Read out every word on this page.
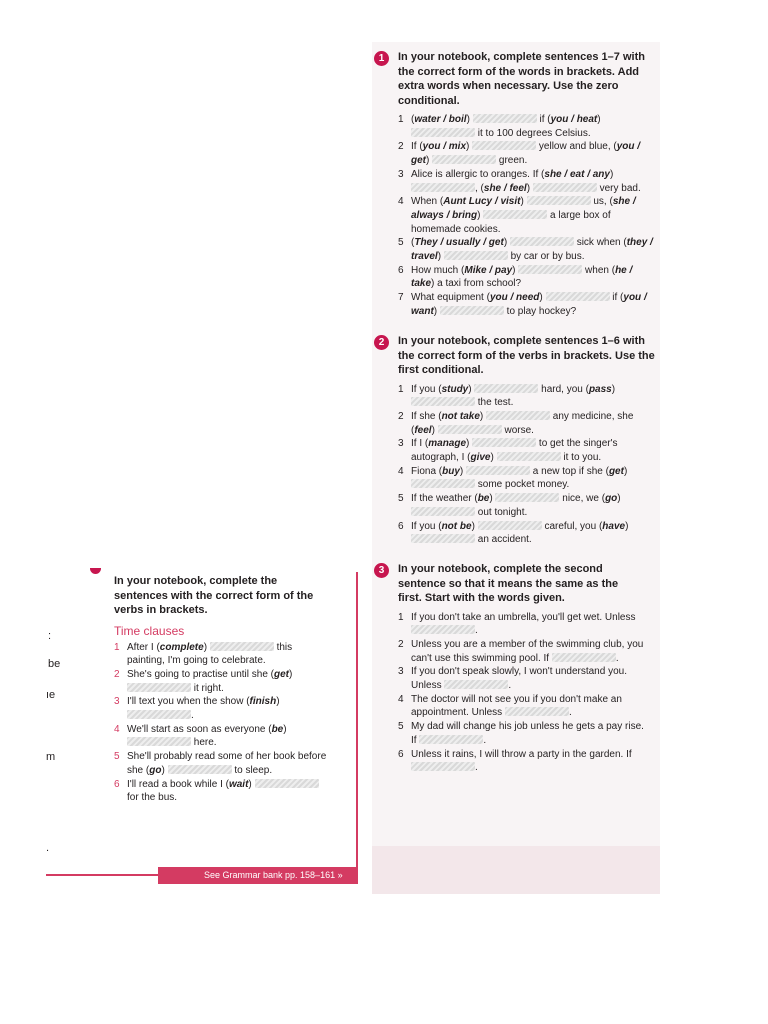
1	In your notebook, complete sentences 1–7 with the correct form of the words in brackets. Add extra words when necessary. Use the zero conditional.
1 (water / boil)	if (you / heat)  it to 100 degrees Celsius.
2 If (you / mix)	yellow and blue, (you / get)	green.
3 Alice is allergic to oranges. If (she / eat / any) , (she / feel)	very bad.
4 When (Aunt Lucy / visit)	us, (she / always / bring)	a large box of homemade cookies.
5 (They / usually / get)	sick when (they / travel)	by car or by bus.
6 How much (Mike / pay)	when (he / take) a taxi from school?
7 What equipment (you / need)	if (you / want)	to play hockey?
2	In your notebook, complete sentences 1–6 with the correct form of the verbs in brackets. Use the first conditional.
1 If you (study)	hard, you (pass)  the test.
2 If she (not take)	any medicine, she (feel)	worse.
3 If I (manage)	to get the singer's autograph, I (give)	it to you.
4 Fiona (buy)	a new top if she (get)  some pocket money.
5 If the weather (be)	nice, we (go)  out tonight.
6 If you (not be)	careful, you (have)  an accident.
3	In your notebook, complete the second sentence so that it means the same as the first. Start with the words given.
1 If you don't take an umbrella, you'll get wet. Unless .
2 Unless you are a member of the swimming club, you can't use this swimming pool. If	.
3 If you don't speak slowly, I won't understand you. Unless	.
4 The doctor will not see you if you don't make an appointment. Unless	.
5 My dad will change his job unless he gets a pay rise. If	.
6 Unless it rains, I will throw a party in the garden. If .
In your notebook, complete the sentences with the correct form of the verbs in brackets.
Time clauses
1 After I (complete)	this painting, I'm going to celebrate.
2 She's going to practise until she (get)  it right.
3 I'll text you when the show (finish) .
4 We'll start as soon as everyone (be)  here.
5 She'll probably read some of her book before she (go)	to sleep.
6 I'll read a book while I (wait)  for the bus.
See Grammar bank pp. 158–161 »
:
be
ıe
m
.
